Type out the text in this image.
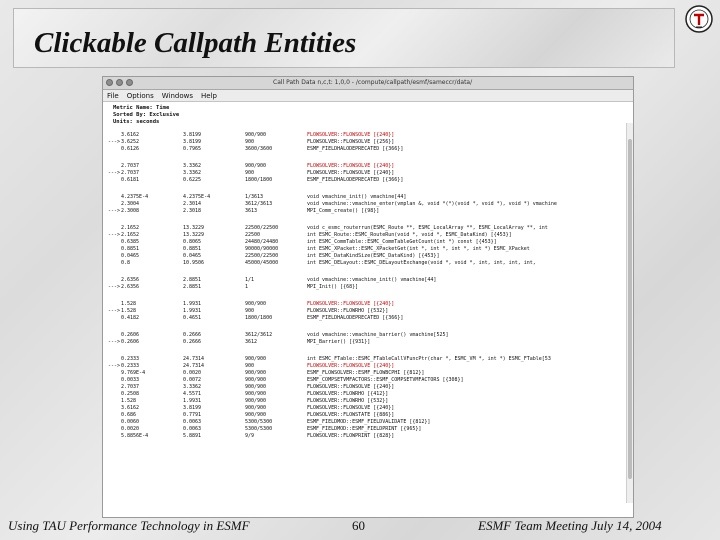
Clickable Callpath Entities
Call Path Data n,c,t: 1,0,0 - /compute/callpath/esmf/sameccr/data/
File Options Windows Help
Metric Name: Time
Sorted By: Exclusive
Units: seconds
3.6162	3.8199	900/900	FLOWSOLVER::FLOWSOLVE [{240}]
---> 3.6252	3.8199	900	FLOWSOLVER::FLOWSOLVE [{256}]
0.6126	0.7965	3600/3600	ESMF_FIELDHALODEPRECATED [{366}]
2.7037	3.3362	900/900	FLOWSOLVER::FLOWSOLVE [{240}]
---> 2.7037	3.3362	900	FLOWSOLVER::FLOWSOLVE [{240}]
0.6181	0.6225	1800/1800	ESMF_FIELDHALODEPRECATED [{366}]
4.2375E-4	4.2375E-4	1/3613	void vmachine_init() vmachine[44]
2.3004	2.3014	3612/3613	void vmachine::vmachine_enter(vmplan &, void *(*)(void *, void *), void *) vmachine
---> 2.3008	2.3018	3613	MPI_Comm_create() [{98}]
2.1652	13.3229	22500/22500	void c_esmc_routerrun(ESMC_Route **, ESMC_LocalArray **, ESMC_LocalArray **, int
---> 2.1652	13.3229	22500	int ESMC_Route::ESMC_RouteRun(void *, void *, ESMC_DataKind) [{453}]
0.6385	0.8065	24480/24480	int ESMC_CommTable::ESMC_CommTableGetCount(int *) const [{453}]
0.8851	0.8851	90000/90000	int ESMC_XPacket::ESMC_XPacketGet(int *, int *, int *, int *) ESMC_XPacket
0.0465	0.0465	22500/22500	int ESMC_DataKindSize(ESMC_DataKind) [{453}]
0.8	10.9506	45000/45000	int ESMC_DELayout::ESMC_DELayoutExchange(void *, void *, int, int, int, int,
2.6356	2.8851	1/1	void vmachine::vmachine_init() vmachine[44]
---> 2.6356	2.8851	1	MPI_Init() [{68}]
1.528	1.9931	900/900	FLOWSOLVER::FLOWSOLVE [{240}]
---> 1.528	1.9931	900	FLOWSOLVER::FLOWRHO [{532}]
0.4182	0.4651	1800/1800	ESMF_FIELDHALODEPRECATED [{366}]
0.2606	0.2666	3612/3612	void vmachine::vmachine_barrier() vmachine[525]
---> 0.2606	0.2666	3612	MPI_Barrier() [{931}]
0.2333	24.7314	900/900	int ESMC_FTable::ESMC_FTableCallVFuncPtr(char *, ESMC_VM *, int *) ESMC_FTable[53
---> 0.2333	24.7314	900	FLOWSOLVER::FLOWSOLVE [{240}]
9.769E-4	0.0020	900/900	ESMF_FLOWSOLVER::ESMF_FLOWBCPHI [{812}]
0.0033	0.0072	900/900	ESMF_COMPSETVMFACTORS::ESMF_COMPSETVMFACTORS [{308}]
2.7037	3.3362	900/900	FLOWSOLVER::FLOWSOLVE [{240}]
0.2508	4.5571	900/900	FLOWSOLVER::FLOWRHO [{412}]
1.528	1.9931	900/900	FLOWSOLVER::FLOWRHO [{532}]
3.6162	3.8199	900/900	FLOWSOLVER::FLOWSOLVE [{240}]
0.686	0.7791	900/900	FLOWSOLVER::FLOWSTATE [{886}]
0.0060	0.0063	5300/5300	ESMF_FIELDMOD::ESMF_FIELDVALIDATE [{812}]
0.0020	0.0063	5300/5300	ESMF_FIELDMOD::ESMF_FIELDPRINT [{965}]
5.8856E-4	5.8891	9/9	FLOWSOLVER::FLOWPRINT [{828}]
Using TAU Performance Technology in ESMF	60	ESMF Team Meeting July 14, 2004
